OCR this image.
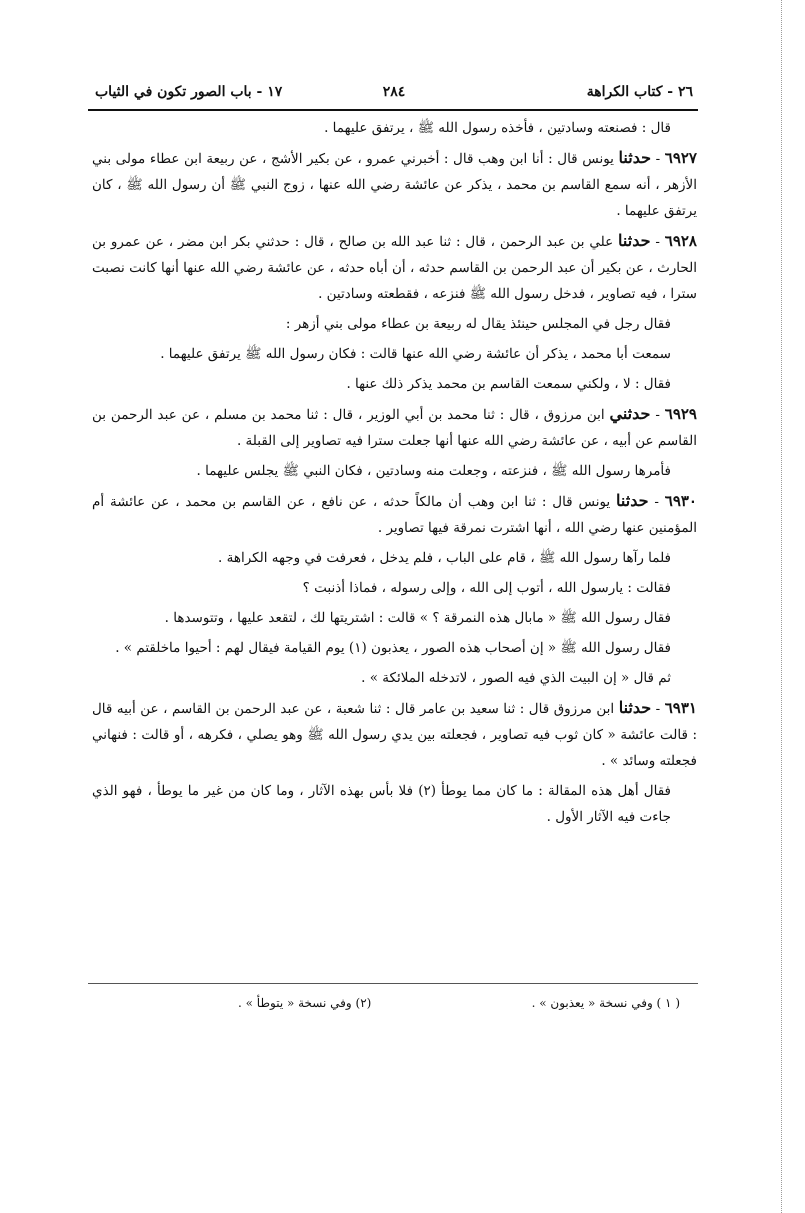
٢٦ - كتاب الكراهة
٢٨٤
١٧ - باب الصور تكون في الثياب

قال : فصنعته وسادتين ، فأخذه رسول الله ﷺ ، يرتفق عليهما .

٦٩٢٧ - حدثنا يونس قال : أنا ابن وهب قال : أخبرني عمرو ، عن بكير الأشج ، عن ربيعة ابن عطاء مولى بني الأزهر ، أنه سمع القاسم بن محمد ، يذكر عن عائشة رضي الله عنها ، زوج النبي ﷺ أن رسول الله ﷺ ، كان يرتفق عليهما .

٦٩٢٨ - حدثنا علي بن عبد الرحمن ، قال : ثنا عبد الله بن صالح ، قال : حدثني بكر ابن مضر ، عن عمرو بن الحارث ، عن بكير أن عبد الرحمن بن القاسم حدثه ، أن أباه حدثه ، عن عائشة رضي الله عنها أنها كانت نصبت سترا ، فيه تصاوير ، فدخل رسول الله ﷺ فنزعه ، فقطعته وسادتين .

فقال رجل في المجلس حينئذ يقال له ربيعة بن عطاء مولى بني أزهر :

سمعت أبا محمد ، يذكر أن عائشة رضي الله عنها قالت : فكان رسول الله ﷺ يرتفق عليهما .

فقال : لا ، ولكني سمعت القاسم بن محمد يذكر ذلك عنها .

٦٩٢٩ - حدثني ابن مرزوق ، قال : ثنا محمد بن أبي الوزير ، قال : ثنا محمد بن مسلم ، عن عبد الرحمن بن القاسم عن أبيه ، عن عائشة رضي الله عنها أنها جعلت سترا فيه تصاوير إلى القبلة .

فأمرها رسول الله ﷺ ، فنزعته ، وجعلت منه وسادتين ، فكان النبي ﷺ يجلس عليهما .

٦٩٣٠ - حدثنا يونس قال : ثنا ابن وهب أن مالكاً حدثه ، عن نافع ، عن القاسم بن محمد ، عن عائشة أم المؤمنين عنها رضي الله ، أنها اشترت نمرقة فيها تصاوير .

فلما رآها رسول الله ﷺ ، قام على الباب ، فلم يدخل ، فعرفت في وجهه الكراهة .

فقالت : يارسول الله ، أتوب إلى الله ، وإلى رسوله ، فماذا أذنبت ؟

فقال رسول الله ﷺ « مابال هذه النمرقة ؟ » قالت : اشتريتها لك ، لتقعد عليها ، وتتوسدها .

فقال رسول الله ﷺ « إن أصحاب هذه الصور ، يعذبون (١) يوم القيامة فيقال لهم : أحيوا ماخلقتم » .

ثم قال « إن البيت الذي فيه الصور ، لاتدخله الملائكة » .

٦٩٣١ - حدثنا ابن مرزوق قال : ثنا سعيد بن عامر قال : ثنا شعبة ، عن عبد الرحمن بن القاسم ، عن أبيه قال : قالت عائشة « كان ثوب فيه تصاوير ، فجعلته بين يدي رسول الله ﷺ وهو يصلي ، فكرهه ، أو قالت : فنهاني فجعلته وسائد » .

فقال أهل هذه المقالة : ما كان مما يوطأ (٢) فلا بأس بهذه الآثار ، وما كان من غير ما يوطأ ، فهو الذي جاءت فيه الآثار الأول .

( ١ ) وفي نسخة « يعذبون » .
(٢) وفي نسخة « يتوطأ » .
